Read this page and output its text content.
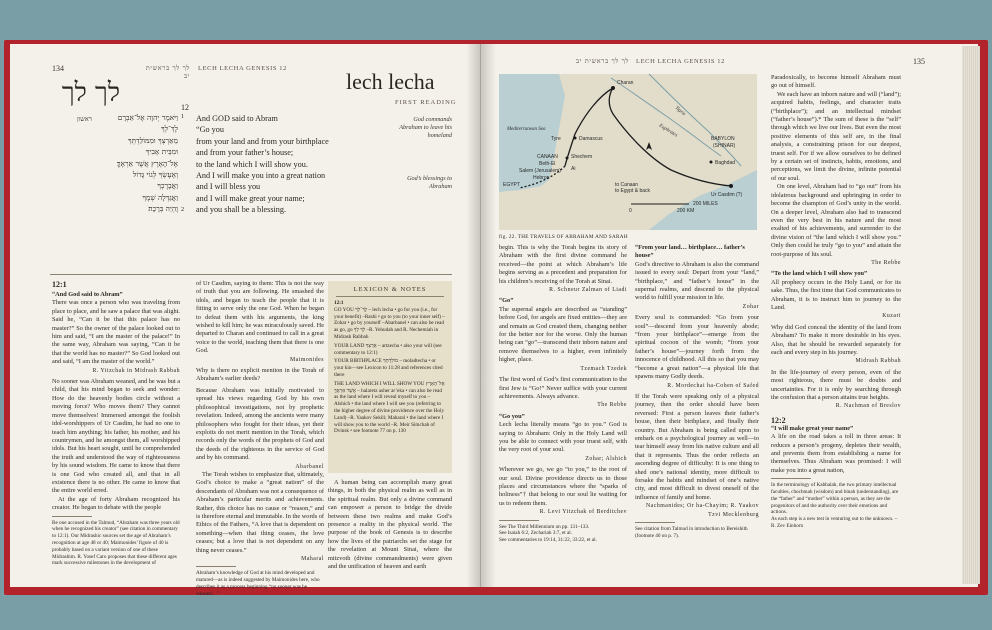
134	LECH LECHA GENESIS 12
לך לך בראשית יב
לך לך
ראשון
lech lecha
FIRST READING
12
1
2
וַיֹּאמֶר יְהוָה אֶל־אַבְרָם
לֶךְ־לְךָ
מֵאַרְצְךָ וּמִמּוֹלַדְתְּךָ
וּמִבֵּית אָבִיךָ
אֶל־הָאָרֶץ אֲשֶׁר אַרְאֶךָּ׃
וְאֶעֶשְׂךָ לְגוֹי גָּדוֹל
וַאֲבָרֶכְךָ
וַאֲגַדְּלָה שְׁמֶךָ
וֶהְיֵה בְּרָכָה׃
And GOD said to Abram
“Go you
from your land and from your birthplace
and from your father’s house;
to the land which I will show you.
And I will make you into a great nation
and I will bless you
and I will make great your name;
and you shall be a blessing.
God commands Abraham to leave his homeland
God’s blessings to Abraham
12:1
“And God said to Abram”

There was once a person who was traveling from place to place, and he saw a palace that was alight. Said he, “Can it be that this palace has no master?” So the owner of the palace looked out to him and said, “I am the master of the palace!” In the same way, Abraham was saying, “Can it be that the world has no master?” So God looked out and said, “I am the master of the world.”

R. Yitzchak in Midrash Rabbah

No sooner was Abraham weaned, and he was but a child, that his mind began to seek and wonder: How do the heavenly bodies circle without a moving force? Who moves them? They cannot move themselves! Immersed amongst the foolish idol-worshippers of Ur Casdim, he had no one to teach him anything; his father, his mother, and his countrymen, and he amongst them, all worshipped idols. But his heart sought, until he comprehended the truth and understood the way of righteousness by his sound wisdom. He came to know that there is one God who created all, and that in all existence there is no other. He came to know that the entire world erred.

At the age of forty Abraham recognized his creator. He began to debate with the people

Be one accused in the Talmud, “Abraham was three years old when he recognized his creator” (see citation in commentary to 12:1). Our Midrashic sources set the age of Abraham’s recognition at age 48 or 40; Maimonides’ figure of 40 is probably based on a variant version of one of these Midrashim. R. Yosef Caro proposes that these different ages mark successive milestones in the development of

of Ur Casdim, saying to them: This is not the way of truth that you are following. He smashed the idols, and began to teach the people that it is fitting to serve only the one God. When he began to defeat them with his arguments, the king wished to kill him; he was miraculously saved. He departed to Charan and continued to call in a great voice to the world, teaching them that there is one God.

Maimonides

Why is there no explicit mention in the Torah of Abraham’s earlier deeds?

Because Abraham was initially motivated to spread his views regarding God by his own philosophical investigations, not by prophetic revelation. Indeed, among the ancients were many philosophers who fought for their ideas, yet their exploits do not merit mention in the Torah, which records only the words of the prophets of God and the deeds of the righteous in the service of God and by his command.

Abarbanel

The Torah wishes to emphasize that, ultimately, God’s choice to make a “great nation” of the descendants of Abraham was not a consequence of Abraham’s particular merits and achievements. Rather, this choice has no cause or “reason,” and is therefore eternal and immutable. In the words of Ethics of the Fathers, “A love that is dependent on something—when that thing ceases, the love ceases; but a love that is not dependent on any thing never ceases.”

Maharal

Abraham’s knowledge of God at his mind developed and matured—as is indeed suggested by Maimonides here, who describes it as a process beginning “no sooner was he weaned…”

LEXICON & NOTES
12:1

GO YOU לֶךְ־לְךָ – lech lecha • go for you (i.e., for your benefit) –Rashi • go to you (to your inner self) –Zohar • go by yourself –Abarbanel • can also be read as go, go לֵךְ לֵךְ –R. Yehudah and R. Nechemiah in Midrash Rabbah

YOUR LAND אַרְצְךָ – artzecha • also your will (see commentary to 12:1)

YOUR BIRTHPLACE מוֹלַדְתְּךָ – moladtecha • or your kin—see Lexicon to 11:28 and references cited there

THE LAND WHICH I WILL SHOW YOU אֶל־הָאָרֶץ אֲשֶׁר אַרְאֶךָּ – halaretz asher ar’eka • can also be read as the land where I will reveal myself to you –Alshich • the land where I will see you (referring to the higher degree of divine providence over the Holy Land) –R. Yaakov Sekili; Maharal • the land where I will show you to the world –R. Meir Simchah of Dvinsk • see footnote 77 on p. 130

A human being can accomplish many great things, in both the physical realm as well as in the spiritual realm. But only a divine command can empower a person to bridge the divide between these two realms and make God’s presence a reality in the physical world. The purpose of the book of Genesis is to describe how the lives of the patriarchs set the stage for the revelation at Mount Sinai, where the mitzvoth (divine commandments) were given and the unification of heaven and earth

לך לך בראשית יב LECH LECHA GENESIS 12	135
Charan
Mediterranean Sea
Tyre	Damascus
CANAAN
Beth-El
Ai
Shechem
Salem (Jerusalem)
Hebron
EGYPT
Tigris
Euphrates
BABYLON
(SHINAR)
Baghdad
Ur Casdim (?)
to Canaan
to Egypt & back
0	200 KM
200 MILES
fig. 22. THE TRAVELS OF ABRAHAM AND SARAH

begin. This is why the Torah begins its story of Abraham with the first divine command he received—the point at which Abraham’s life begins serving as a precedent and preparation for his children’s receiving of the Torah at Sinai.

R. Schneur Zalman of Liadi
“Go”

The supernal angels are described as “standing” before God, for angels are fixed entities—they are and remain as God created them, changing neither for the better nor for the worse. Only the human being can “go”—transcend their inborn nature and remove themselves to a higher, even infinitely higher, place.

Tzemach Tzedek

The first word of God’s first communication to the first Jew is “Go!” Never suffice with your current achievements. Always advance.

The Rebbe
“Go you”

Lech lecha literally means “go to you.” God is saying to Abraham: Only in the Holy Land will you be able to connect with your truest self, with the very root of your soul.

Zohar; Alshich

Wherever we go, we go “to you,” to the root of our soul. Divine providence directs us to those places and circumstances where the “sparks of holiness”† that belong to our soul lie waiting for us to redeem them.

R. Levi Yitzchak of Berditchev

See The Third Millennium on pp. 131–133.

See Isaiah 6:2, Zechariah 3:7, et al.

See commentaries to 19:14, 31:22, 33:22, et al.

“From your land… birthplace… father’s house”

God’s directive to Abraham is also the command issued to every soul: Depart from your “land,” “birthplace,” and “father’s house” in the supernal realms, and descend to the physical world to fulfill your mission in life.

Zohar

Every soul is commanded: “Go from your soul”—descend from your heavenly abode; “from your birthplace”—emerge from the spiritual cocoon of the womb; “from your father’s house”—journey forth from the innocence of childhood. All this so that you may “become a great nation”—a physical life that spawns many Godly deeds.

R. Mordechai ha-Cohen of Safed

If the Torah were speaking only of a physical journey, then the order should have been reversed: First a person leaves their father’s house, then their birthplace, and finally their country. But Abraham is being called upon to embark on a psychological journey as well—to tear himself away from his native culture and all that it represents. Thus the order reflects an ascending degree of difficulty: It is one thing to shed one’s national identity, more difficult to forsake the habits and mindset of one’s native city, and most difficult to divest oneself of the influence of family and home.

Nachmanides; Or ha-Chayim; R. Yaakov Tzvi Mecklenburg

See citation from Talmud in introduction to Bereishith (footnote 40 on p. 7).

Paradoxically, to become himself Abraham must go out of himself.

We each have an inborn nature and will (“land”); acquired habits, feelings, and character traits (“birthplace”); and an intellectual mindset (“father’s house”).* The sum of these is the “self” through which we live our lives. But even the most positive elements of this self are, in the final analysis, a constraining prison for our deepest, truest self. For if we allow ourselves to be defined by a certain set of instincts, habits, emotions, and perceptions, we limit the divine, infinite potential of our soul.

On one level, Abraham had to “go out” from his idolatrous background and upbringing in order to become the champion of God’s unity in the world. On a deeper level, Abraham also had to transcend even the very best in his nature and the most exalted of his achievements, and surrender to the divine vision of “the land which I will show you.” Only then could he truly “go to you” and attain the root-purpose of his soul.

The Rebbe
“To the land which I will show you”

All prophecy occurs in the Holy Land, or for its sake. Thus, the first time that God communicates to Abraham, it is to instruct him to journey to the Land.

Kuzari

Why did God conceal the identity of the land from Abraham? To make it more desirable in his eyes. Also, that he should be rewarded separately for each and every step in his journey.

Midrash Rabbah

In the life-journey of every person, even of the most righteous, there must be doubts and uncertainties. For it is only by searching through the confusion that a person attains true heights.

R. Nachman of Breslov
12:2
“I will make great your name”

A life on the road takes a toll in three areas: It reduces a person’s progeny, depletes their wealth, and prevents them from establishing a name for themselves. Thus Abraham was promised: I will make you into a great nation,

In the terminology of Kabbalah, the two primary intellectual faculties, chochmah (wisdom) and binah (understanding), are the “father” and “mother” within a person, as they are the progenitors of and the authority over their emotions and actions.

As each step is a new test in venturing out to the unknown. –R. Zev Einhorn
